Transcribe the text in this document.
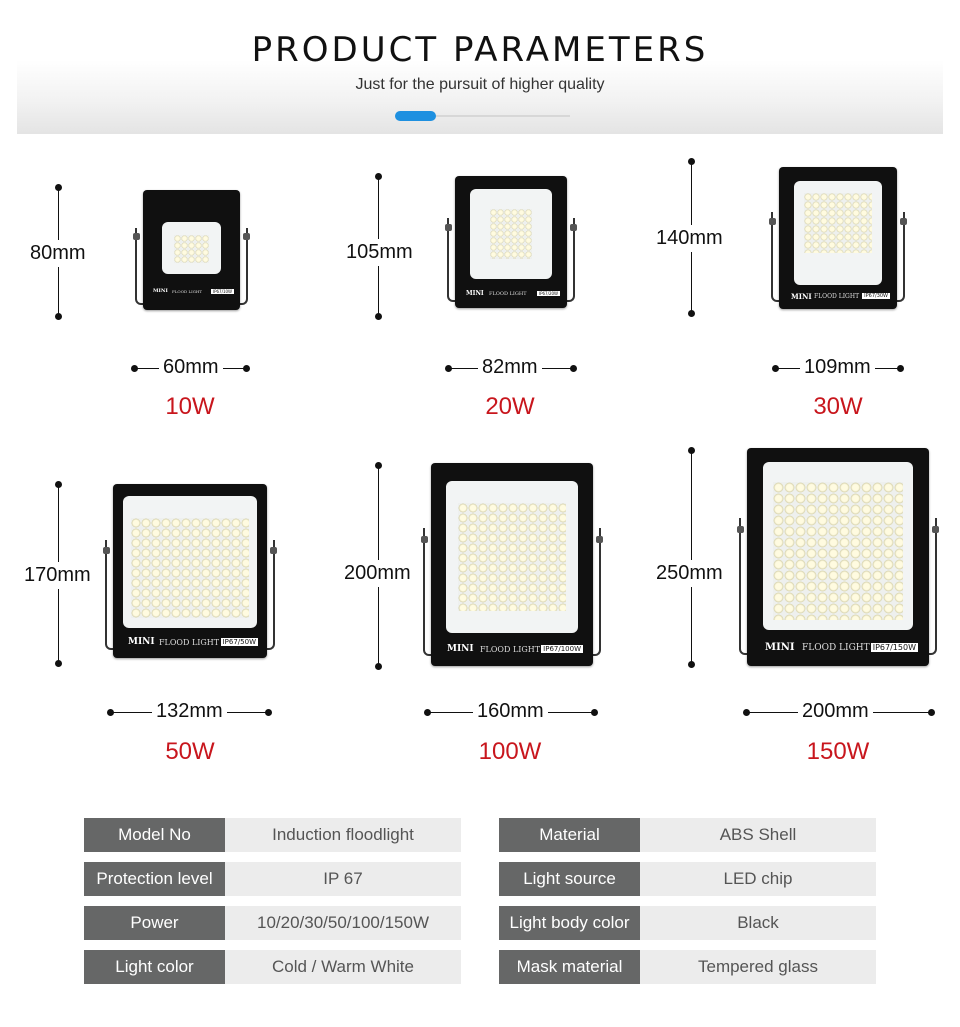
PRODUCT PARAMETERS
Just for the pursuit of higher quality
80mm
60mm
10W
MINI FLOOD LIGHT	IP67/10W
105mm
82mm
20W
MINI FLOOD LIGHT	IP67/20W
140mm
109mm
30W
MINI FLOOD LIGHT	IP67/30W
170mm
132mm
50W
MINI FLOOD LIGHT IP67/50W
200mm
160mm
100W
MINI FLOOD LIGHT IP67/100W
250mm
200mm
150W
MINI FLOOD LIGHT IP67/150W
Model No	Induction floodlight
Protection level	IP 67
Power	10/20/30/50/100/150W
Light color	Cold / Warm White
Material	ABS Shell
Light source	LED chip
Light body color	Black
Mask material	Tempered glass
